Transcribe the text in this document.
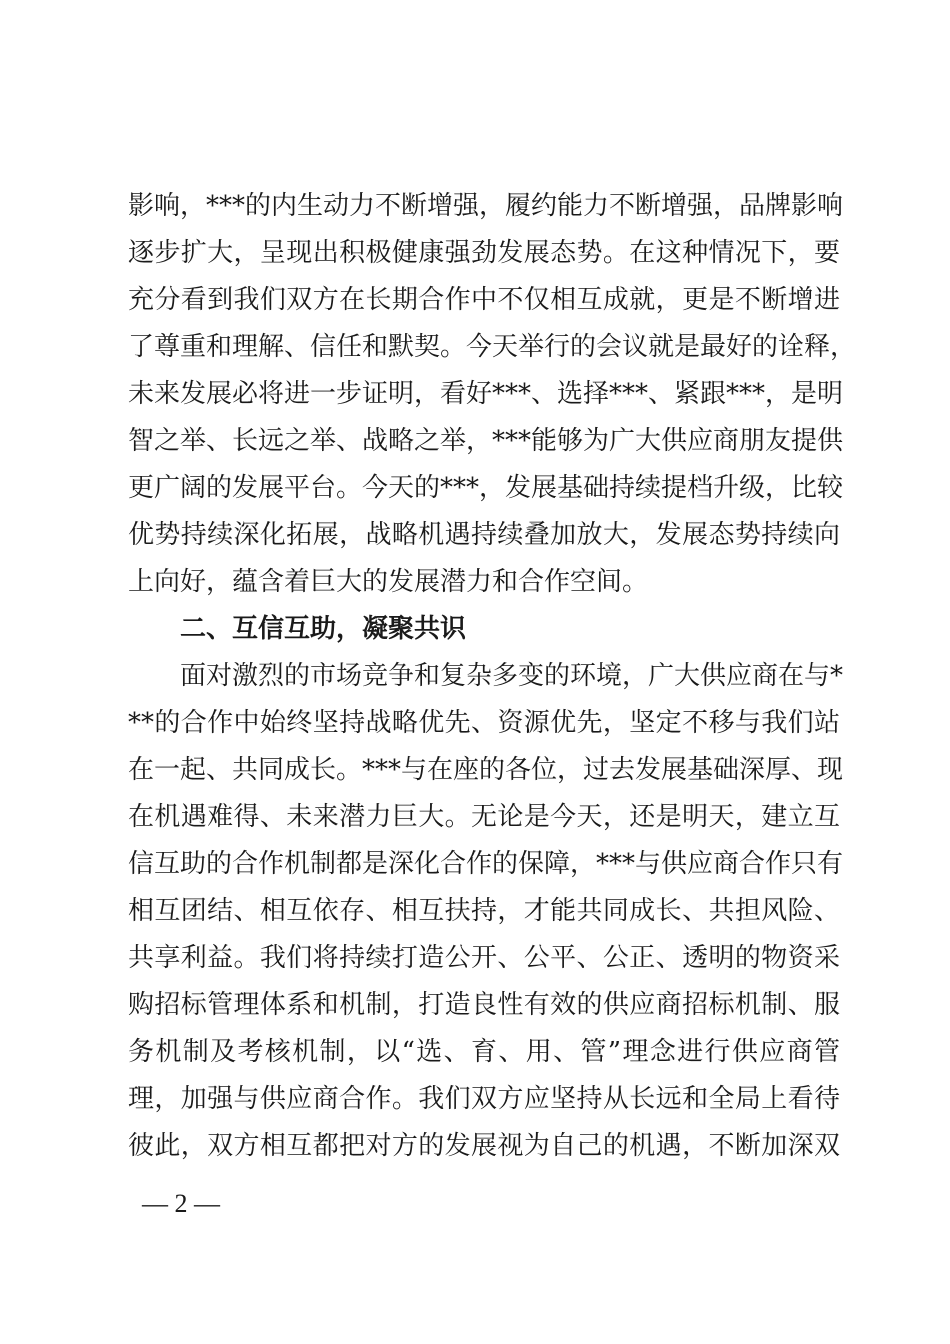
影响，***的内生动力不断增强，履约能力不断增强，品牌影响
逐步扩大，呈现出积极健康强劲发展态势。在这种情况下，要
充分看到我们双方在长期合作中不仅相互成就，更是不断增进
了尊重和理解、信任和默契。今天举行的会议就是最好的诠释，
未来发展必将进一步证明，看好***、选择***、紧跟***，是明
智之举、长远之举、战略之举，***能够为广大供应商朋友提供
更广阔的发展平台。今天的***，发展基础持续提档升级，比较
优势持续深化拓展，战略机遇持续叠加放大，发展态势持续向
上向好，蕴含着巨大的发展潜力和合作空间。
二、互信互助，凝聚共识
面对激烈的市场竞争和复杂多变的环境，广大供应商在与*
**的合作中始终坚持战略优先、资源优先，坚定不移与我们站
在一起、共同成长。***与在座的各位，过去发展基础深厚、现
在机遇难得、未来潜力巨大。无论是今天，还是明天，建立互
信互助的合作机制都是深化合作的保障，***与供应商合作只有
相互团结、相互依存、相互扶持，才能共同成长、共担风险、
共享利益。我们将持续打造公开、公平、公正、透明的物资采
购招标管理体系和机制，打造良性有效的供应商招标机制、服
务机制及考核机制，以“选、育、用、管”理念进行供应商管
理，加强与供应商合作。我们双方应坚持从长远和全局上看待
彼此，双方相互都把对方的发展视为自己的机遇，不断加深双
— 2 —
